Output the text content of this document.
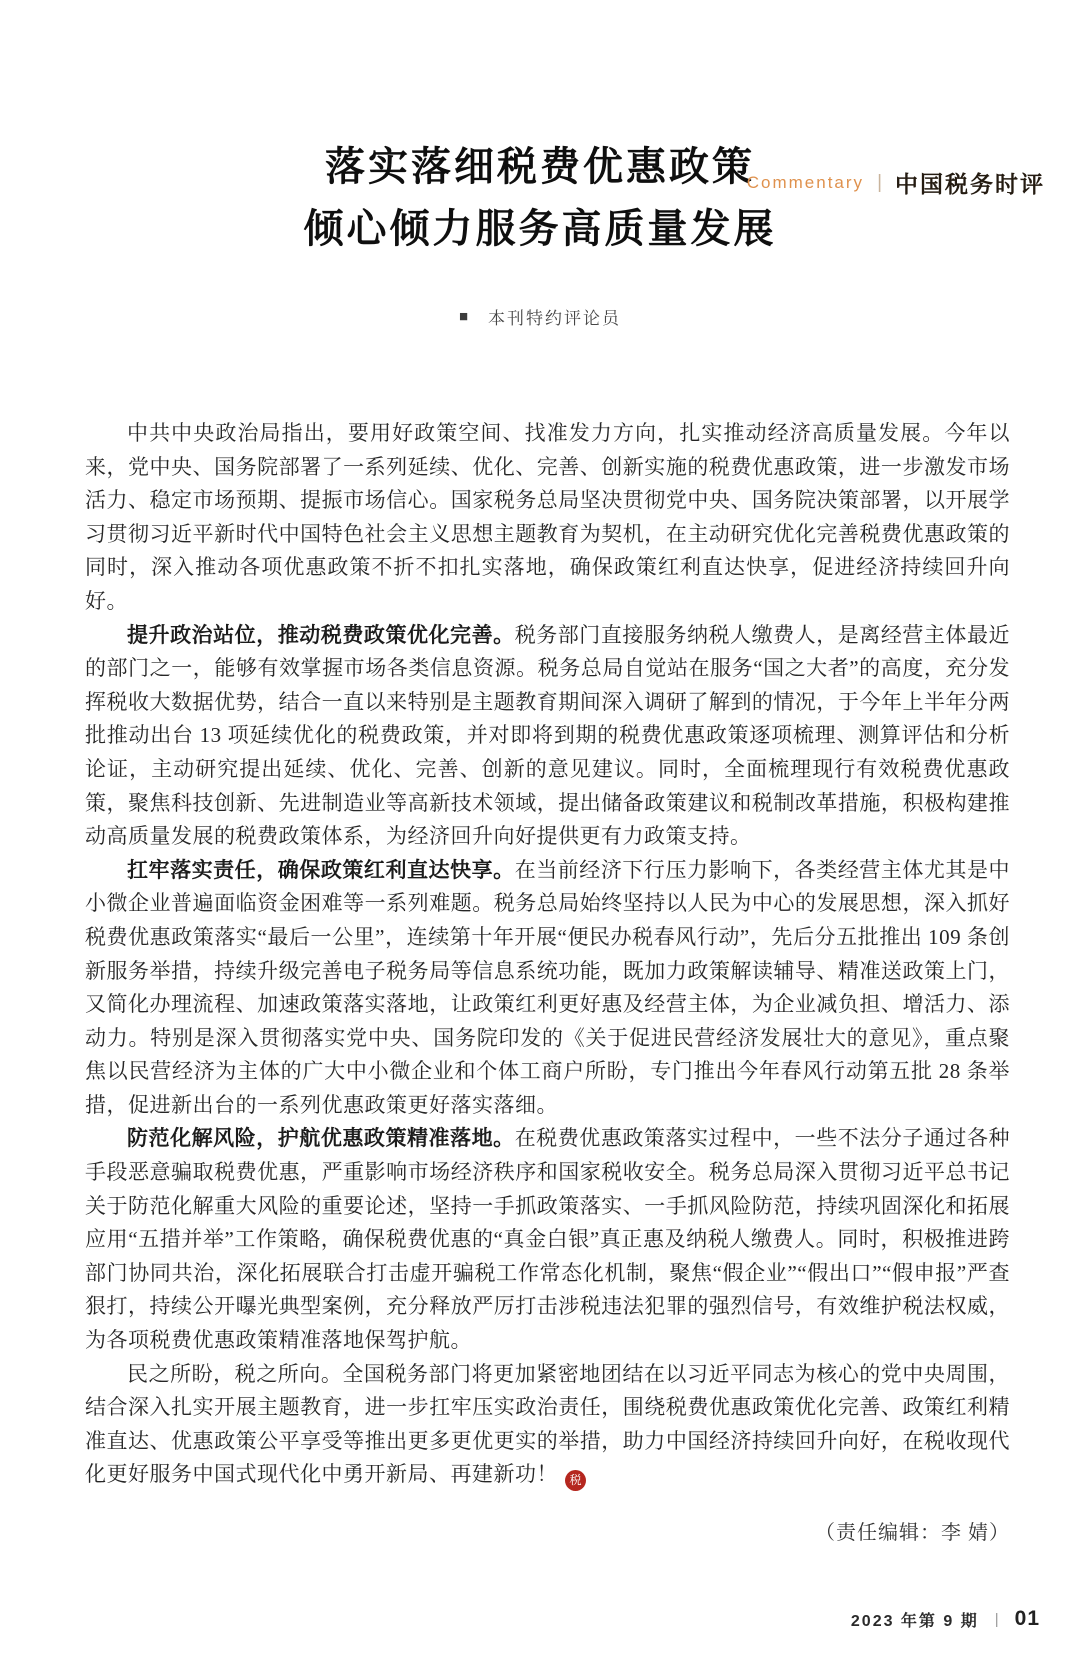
Commentary | 中国税务时评
落实落细税费优惠政策
倾心倾力服务高质量发展
■ 本刊特约评论员

中共中央政治局指出，要用好政策空间、找准发力方向，扎实推动经济高质量发展。今年以来，党中央、国务院部署了一系列延续、优化、完善、创新实施的税费优惠政策，进一步激发市场活力、稳定市场预期、提振市场信心。国家税务总局坚决贯彻党中央、国务院决策部署，以开展学习贯彻习近平新时代中国特色社会主义思想主题教育为契机，在主动研究优化完善税费优惠政策的同时，深入推动各项优惠政策不折不扣扎实落地，确保政策红利直达快享，促进经济持续回升向好。

提升政治站位，推动税费政策优化完善。税务部门直接服务纳税人缴费人，是离经营主体最近的部门之一，能够有效掌握市场各类信息资源。税务总局自觉站在服务“国之大者”的高度，充分发挥税收大数据优势，结合一直以来特别是主题教育期间深入调研了解到的情况，于今年上半年分两批推动出台 13 项延续优化的税费政策，并对即将到期的税费优惠政策逐项梳理、测算评估和分析论证，主动研究提出延续、优化、完善、创新的意见建议。同时，全面梳理现行有效税费优惠政策，聚焦科技创新、先进制造业等高新技术领域，提出储备政策建议和税制改革措施，积极构建推动高质量发展的税费政策体系，为经济回升向好提供更有力政策支持。

扛牢落实责任，确保政策红利直达快享。在当前经济下行压力影响下，各类经营主体尤其是中小微企业普遍面临资金困难等一系列难题。税务总局始终坚持以人民为中心的发展思想，深入抓好税费优惠政策落实“最后一公里”，连续第十年开展“便民办税春风行动”，先后分五批推出 109 条创新服务举措，持续升级完善电子税务局等信息系统功能，既加力政策解读辅导、精准送政策上门，又简化办理流程、加速政策落实落地，让政策红利更好惠及经营主体，为企业减负担、增活力、添动力。特别是深入贯彻落实党中央、国务院印发的《关于促进民营经济发展壮大的意见》，重点聚焦以民营经济为主体的广大中小微企业和个体工商户所盼，专门推出今年春风行动第五批 28 条举措，促进新出台的一系列优惠政策更好落实落细。

防范化解风险，护航优惠政策精准落地。在税费优惠政策落实过程中，一些不法分子通过各种手段恶意骗取税费优惠，严重影响市场经济秩序和国家税收安全。税务总局深入贯彻习近平总书记关于防范化解重大风险的重要论述，坚持一手抓政策落实、一手抓风险防范，持续巩固深化和拓展应用“五措并举”工作策略，确保税费优惠的“真金白银”真正惠及纳税人缴费人。同时，积极推进跨部门协同共治，深化拓展联合打击虚开骗税工作常态化机制，聚焦“假企业”“假出口”“假申报”严查狠打，持续公开曝光典型案例，充分释放严厉打击涉税违法犯罪的强烈信号，有效维护税法权威，为各项税费优惠政策精准落地保驾护航。

民之所盼，税之所向。全国税务部门将更加紧密地团结在以习近平同志为核心的党中央周围，结合深入扎实开展主题教育，进一步扛牢压实政治责任，围绕税费优惠政策优化完善、政策红利精准直达、优惠政策公平享受等推出更多更优更实的举措，助力中国经济持续回升向好，在税收现代化更好服务中国式现代化中勇开新局、再建新功！ 税

（责任编辑：李 婧）
2023 年第 9 期 | 01
